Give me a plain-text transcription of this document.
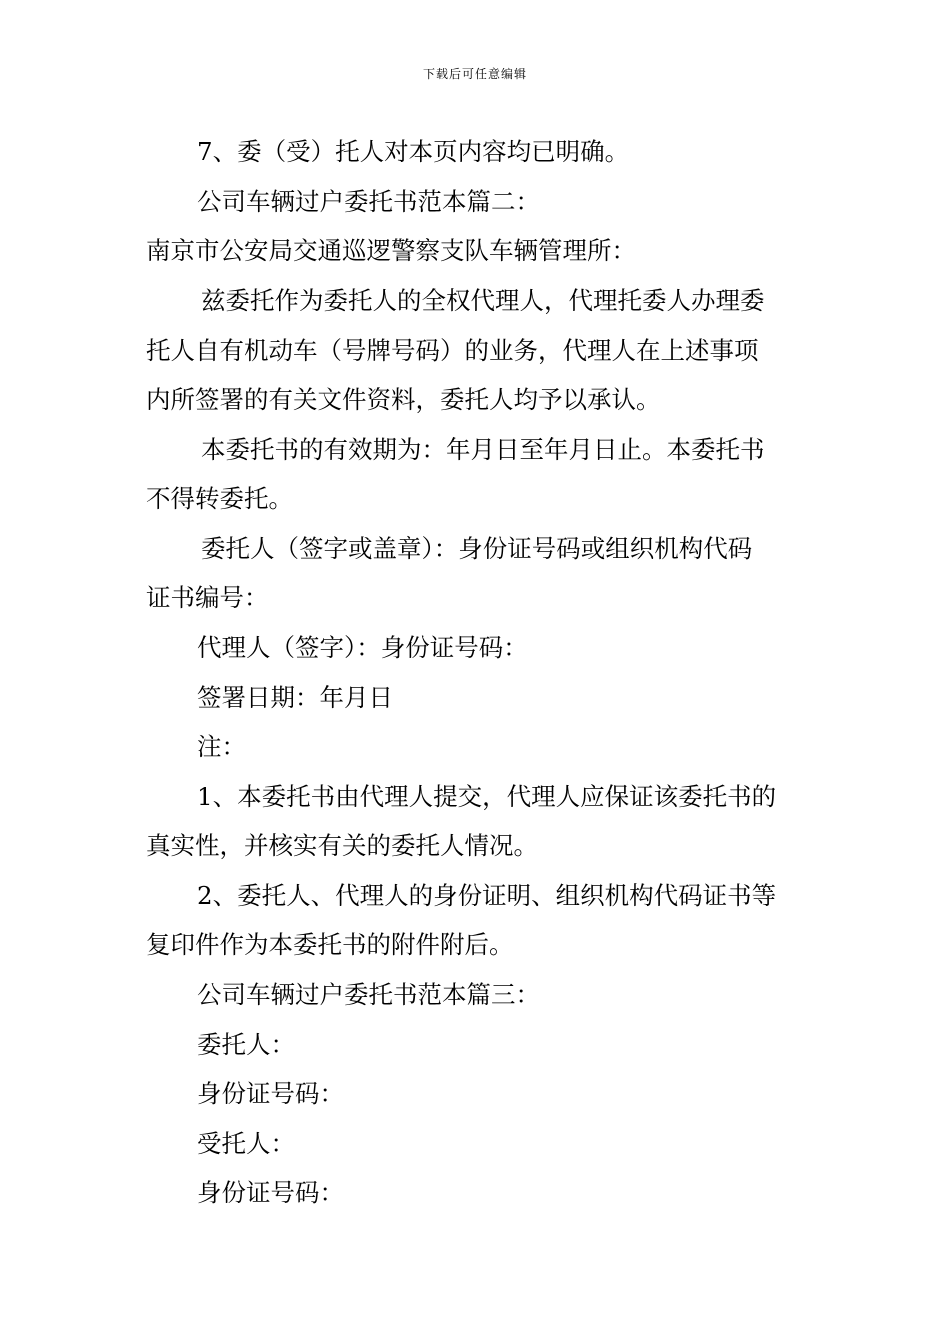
下载后可任意编辑
7、委（受）托人对本页内容均已明确。
公司车辆过户委托书范本篇二：
南京市公安局交通巡逻警察支队车辆管理所：
兹委托作为委托人的全权代理人，代理托委人办理委
托人自有机动车（号牌号码）的业务，代理人在上述事项
内所签署的有关文件资料，委托人均予以承认。
本委托书的有效期为：年月日至年月日止。本委托书
不得转委托。
委托人（签字或盖章）：身份证号码或组织机构代码
证书编号：
代理人（签字）：身份证号码：
签署日期：年月日
注：
1、本委托书由代理人提交，代理人应保证该委托书的
真实性，并核实有关的委托人情况。
2、委托人、代理人的身份证明、组织机构代码证书等
复印件作为本委托书的附件附后。
公司车辆过户委托书范本篇三：
委托人：
身份证号码：
受托人：
身份证号码：
